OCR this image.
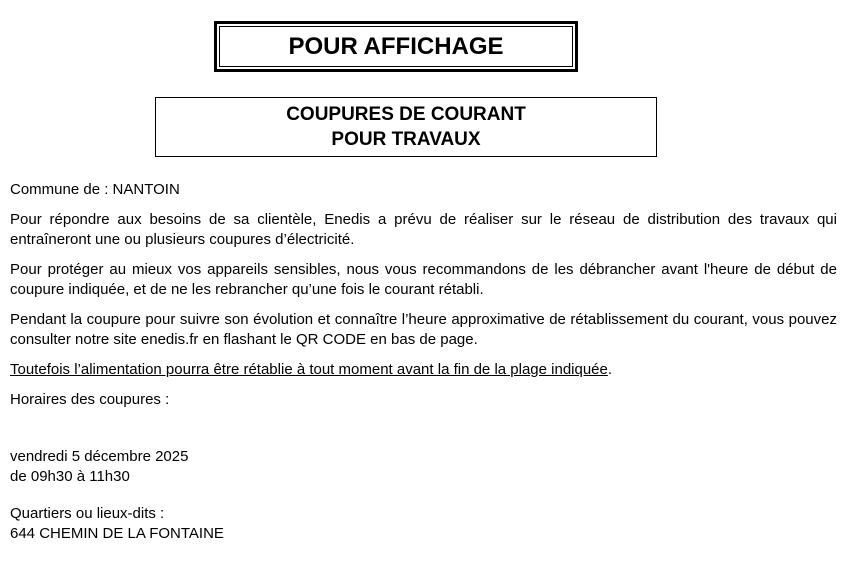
POUR AFFICHAGE
COUPURES DE COURANT
POUR TRAVAUX

Commune de : NANTOIN

Pour répondre aux besoins de sa clientèle, Enedis a prévu de réaliser sur le réseau de distribution des travaux qui entraîneront une ou plusieurs coupures d’électricité.

Pour protéger au mieux vos appareils sensibles, nous vous recommandons de les débrancher avant l'heure de début de coupure indiquée, et de ne les rebrancher qu’une fois le courant rétabli.

Pendant la coupure pour suivre son évolution et connaître l’heure approximative de rétablissement du courant, vous pouvez consulter notre site enedis.fr en flashant le QR CODE en bas de page.

Toutefois l’alimentation pourra être rétablie à tout moment avant la fin de la plage indiquée.

Horaires des coupures :

vendredi 5 décembre 2025

de 09h30 à 11h30

Quartiers ou lieux-dits :

644 CHEMIN DE LA FONTAINE
